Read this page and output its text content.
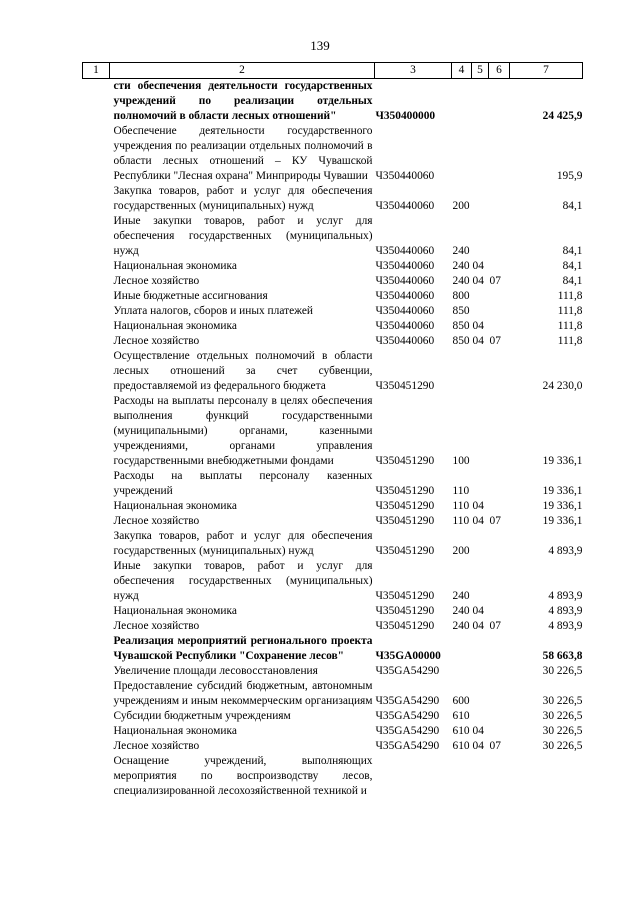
139
1	2	3	4	5	6	7
	сти обеспечения деятельности государственных учреждений по реализации отдельных полномочий в области лесных отношений"	Ч350400000				24 425,9
	Обеспечение деятельности государственного учреждения по реализации отдельных полномочий в области лесных отношений – КУ Чувашской Республики "Лесная охрана" Минприроды Чувашии	Ч350440060				195,9
	Закупка товаров, работ и услуг для обеспечения государственных (муниципальных) нужд	Ч350440060	200			84,1
	Иные закупки товаров, работ и услуг для обеспечения государственных (муниципальных) нужд	Ч350440060	240			84,1
	Национальная экономика	Ч350440060	240	04		84,1
	Лесное хозяйство	Ч350440060	240	04	07	84,1
	Иные бюджетные ассигнования	Ч350440060	800			111,8
	Уплата налогов, сборов и иных платежей	Ч350440060	850			111,8
	Национальная экономика	Ч350440060	850	04		111,8
	Лесное хозяйство	Ч350440060	850	04	07	111,8
	Осуществление отдельных полномочий в области лесных отношений за счет субвенции, предоставляемой из федерального бюджета	Ч350451290				24 230,0
	Расходы на выплаты персоналу в целях обеспечения выполнения функций государственными (муниципальными) органами, казенными учреждениями, органами управления государственными внебюджетными фондами	Ч350451290	100			19 336,1
	Расходы на выплаты персоналу казенных учреждений	Ч350451290	110			19 336,1
	Национальная экономика	Ч350451290	110	04		19 336,1
	Лесное хозяйство	Ч350451290	110	04	07	19 336,1
	Закупка товаров, работ и услуг для обеспечения государственных (муниципальных) нужд	Ч350451290	200			4 893,9
	Иные закупки товаров, работ и услуг для обеспечения государственных (муниципальных) нужд	Ч350451290	240			4 893,9
	Национальная экономика	Ч350451290	240	04		4 893,9
	Лесное хозяйство	Ч350451290	240	04	07	4 893,9
	Реализация мероприятий регионального проекта Чувашской Республики "Сохранение лесов"	Ч35GA00000				58 663,8
	Увеличение площади лесовосстановления	Ч35GA54290				30 226,5
	Предоставление субсидий бюджетным, автономным учреждениям и иным некоммерческим организациям	Ч35GA54290	600			30 226,5
	Субсидии бюджетным учреждениям	Ч35GA54290	610			30 226,5
	Национальная экономика	Ч35GA54290	610	04		30 226,5
	Лесное хозяйство	Ч35GA54290	610	04	07	30 226,5
	Оснащение учреждений, выполняющих мероприятия по воспроизводству лесов, специализированной лесохозяйственной техникой и					
